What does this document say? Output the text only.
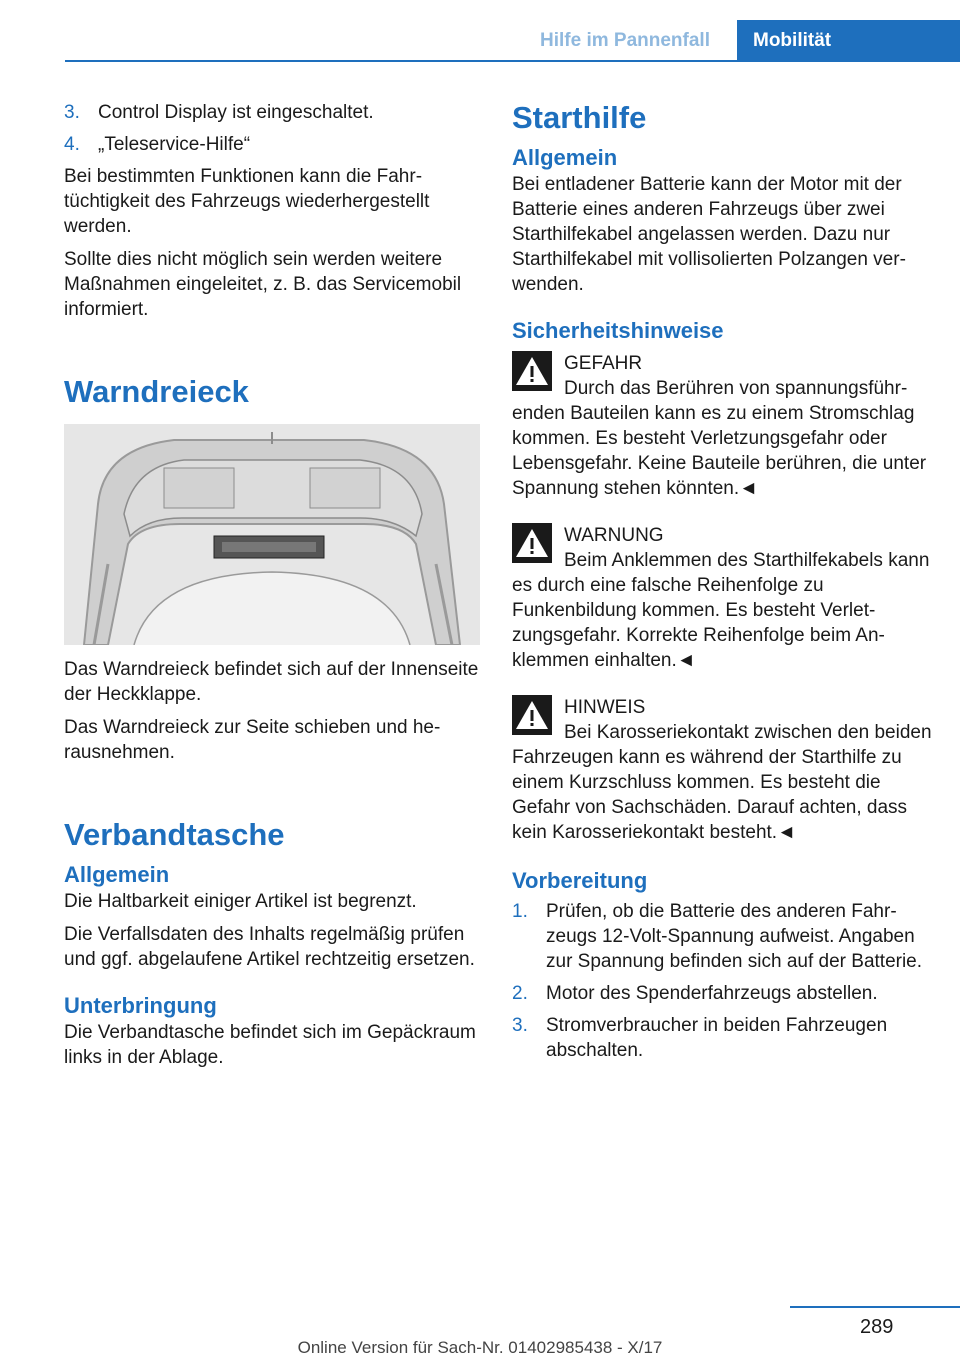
Hilfe im Pannenfall	Mobilität
3. Control Display ist eingeschaltet.
4. „Teleservice-Hilfe“

Bei bestimmten Funktionen kann die Fahrtüchtigkeit des Fahrzeugs wiederhergestellt werden.

Sollte dies nicht möglich sein werden weitere Maßnahmen eingeleitet, z. B. das Servicemobil informiert.

Warndreieck

Das Warndreieck befindet sich auf der Innenseite der Heckklappe.

Das Warndreieck zur Seite schieben und herausnehmen.

Verbandtasche
Allgemein

Die Haltbarkeit einiger Artikel ist begrenzt.

Die Verfallsdaten des Inhalts regelmäßig prüfen und ggf. abgelaufene Artikel rechtzeitig ersetzen.

Unterbringung

Die Verbandtasche befindet sich im Gepäckraum links in der Ablage.

Starthilfe
Allgemein

Bei entladener Batterie kann der Motor mit der Batterie eines anderen Fahrzeugs über zwei Starthilfekabel angelassen werden. Dazu nur Starthilfekabel mit vollisolierten Polzangen verwenden.

Sicherheitshinweise
GEFAHR
Durch das Berühren von spannungsführenden Bauteilen kann es zu einem Stromschlag kommen. Es besteht Verletzungsgefahr oder Lebensgefahr. Keine Bauteile berühren, die unter Spannung stehen könnten.◄
WARNUNG
Beim Anklemmen des Starthilfekabels kann es durch eine falsche Reihenfolge zu Funkenbildung kommen. Es besteht Verletzungsgefahr. Korrekte Reihenfolge beim Anklemmen einhalten.◄
HINWEIS
Bei Karosseriekontakt zwischen den beiden Fahrzeugen kann es während der Starthilfe zu einem Kurzschluss kommen. Es besteht die Gefahr von Sachschäden. Darauf achten, dass kein Karosseriekontakt besteht.◄
Vorbereitung
1. Prüfen, ob die Batterie des anderen Fahrzeugs 12-Volt-Spannung aufweist. Angaben zur Spannung befinden sich auf der Batterie.
2. Motor des Spenderfahrzeugs abstellen.
3. Stromverbraucher in beiden Fahrzeugen abschalten.
289
Online Version für Sach-Nr. 01402985438 - X/17
